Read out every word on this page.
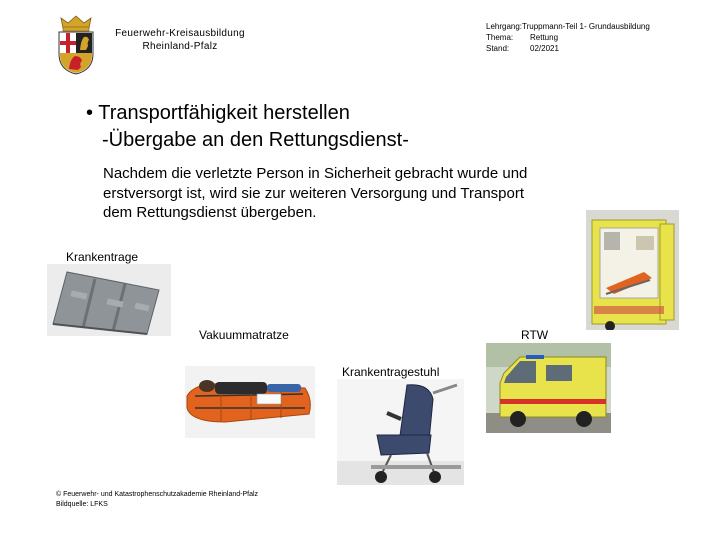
Feuerwehr-Kreisausbildung
Rheinland-Pfalz
Lehrgang: Truppmann-Teil 1- Grundausbildung
Thema:	Rettung
Stand:	02/2021
• Transportfähigkeit herstellen
-Übergabe an den Rettungsdienst-
Nachdem die verletzte Person in Sicherheit gebracht wurde und
erstversorgt ist, wird sie zur weiteren Versorgung und Transport
dem Rettungsdienst übergeben.
Krankentrage
Vakuummatratze	RTW
Krankentragestuhl
© Feuerwehr- und Katastrophenschutzakademie Rheinland-Pfalz
Bildquelle: LFKS
